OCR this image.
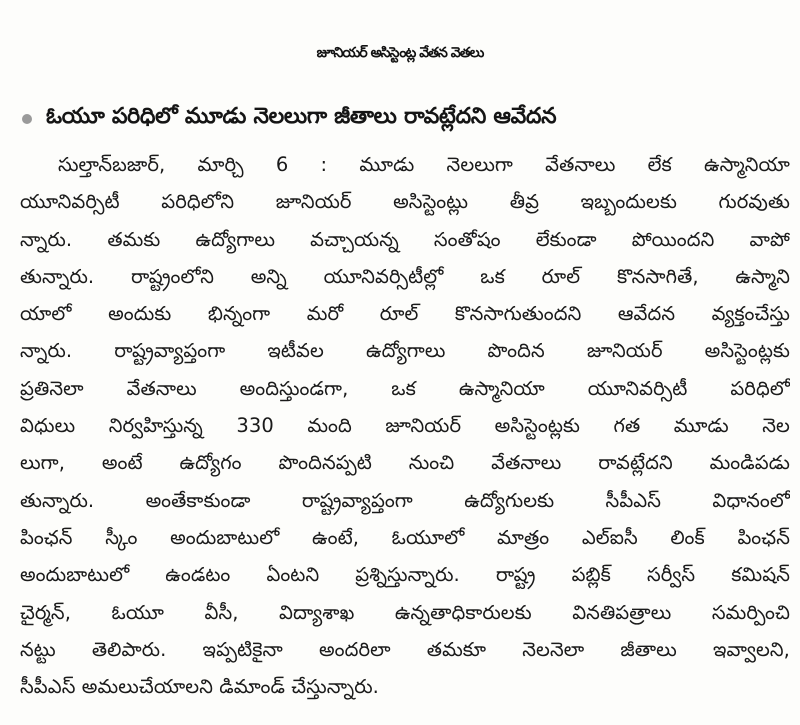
జూనియర్ అసిస్టెంట్ల వేతన వెతలు
ఓయూ పరిధిలో మూడు నెలలుగా జీతాలు రావట్లేదని ఆవేదన
సుల్తాన్‌బజార్, మార్చి 6 : మూడు నెలలుగా వేతనాలు లేక ఉస్మానియా
యూనివర్సిటీ పరిధిలోని జూనియర్ అసిస్టెంట్లు తీవ్ర ఇబ్బందులకు గురవుతు
న్నారు. తమకు ఉద్యోగాలు వచ్చాయన్న సంతోషం లేకుండా పోయిందని వాపో
తున్నారు. రాష్ట్రంలోని అన్ని యూనివర్సిటీల్లో ఒక రూల్ కొనసాగితే, ఉస్మాని
యాలో అందుకు భిన్నంగా మరో రూల్ కొనసాగుతుందని ఆవేదన వ్యక్తంచేస్తు
న్నారు. రాష్ట్రవ్యాప్తంగా ఇటీవల ఉద్యోగాలు పొందిన జూనియర్ అసిస్టెంట్లకు
ప్రతినెలా వేతనాలు అందిస్తుండగా, ఒక ఉస్మానియా యూనివర్సిటీ పరిధిలో
విధులు నిర్వహిస్తున్న 330 మంది జూనియర్ అసిస్టెంట్లకు గత మూడు నెల
లుగా, అంటే ఉద్యోగం పొందినప్పటి నుంచి వేతనాలు రావట్లేదని మండిపడు
తున్నారు. అంతేకాకుండా రాష్ట్రవ్యాప్తంగా ఉద్యోగులకు సీపీఎస్ విధానంలో
పింఛన్ స్కీం అందుబాటులో ఉంటే, ఓయూలో మాత్రం ఎల్ఐసీ లింక్ పింఛన్
అందుబాటులో ఉండటం ఏంటని ప్రశ్నిస్తున్నారు. రాష్ట్ర పబ్లిక్ సర్వీస్ కమిషన్
చైర్మన్, ఓయూ వీసీ, విద్యాశాఖ ఉన్నతాధికారులకు వినతిపత్రాలు సమర్పించి
నట్టు తెలిపారు. ఇప్పటికైనా అందరిలా తమకూ నెలనెలా జీతాలు ఇవ్వాలని,
సీపీఎస్ అమలుచేయాలని డిమాండ్ చేస్తున్నారు.
